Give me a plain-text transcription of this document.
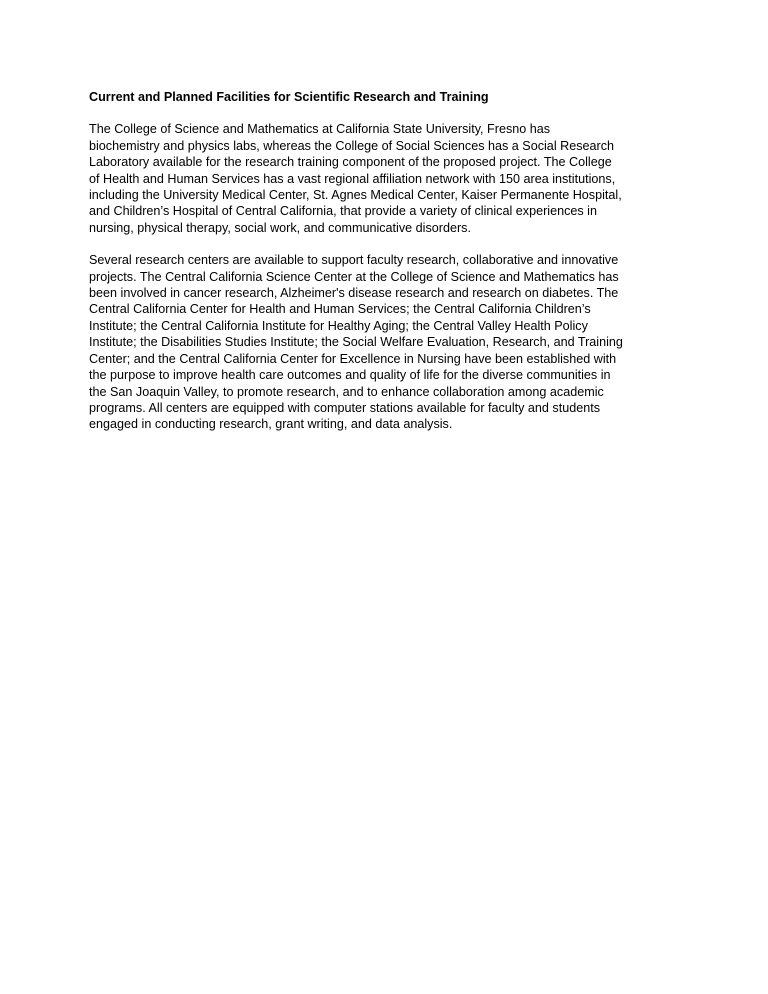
Current and Planned Facilities for Scientific Research and Training
The College of Science and Mathematics at California State University, Fresno has
biochemistry and physics labs, whereas the College of Social Sciences has a Social Research
Laboratory available for the research training component of the proposed project. The College
of Health and Human Services has a vast regional affiliation network with 150 area institutions,
including the University Medical Center, St. Agnes Medical Center, Kaiser Permanente Hospital,
and Children’s Hospital of Central California, that provide a variety of clinical experiences in
nursing, physical therapy, social work, and communicative disorders.
Several research centers are available to support faculty research, collaborative and innovative
projects. The Central California Science Center at the College of Science and Mathematics has
been involved in cancer research, Alzheimer's disease research and research on diabetes. The
Central California Center for Health and Human Services; the Central California Children’s
Institute; the Central California Institute for Healthy Aging; the Central Valley Health Policy
Institute; the Disabilities Studies Institute; the Social Welfare Evaluation, Research, and Training
Center; and the Central California Center for Excellence in Nursing have been established with
the purpose to improve health care outcomes and quality of life for the diverse communities in
the San Joaquin Valley, to promote research, and to enhance collaboration among academic
programs. All centers are equipped with computer stations available for faculty and students
engaged in conducting research, grant writing, and data analysis.
